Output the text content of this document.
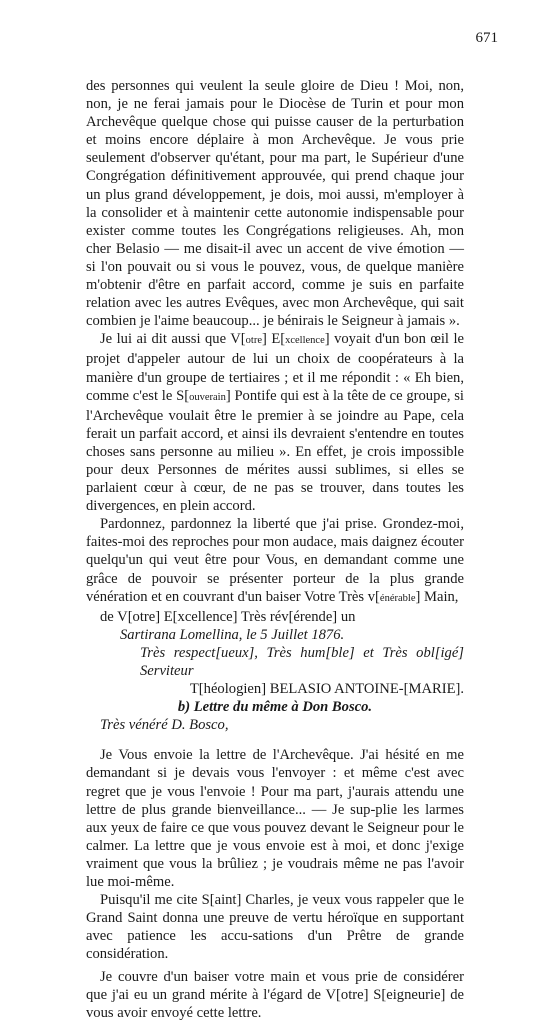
671

des personnes qui veulent la seule gloire de Dieu ! Moi, non, non, je ne ferai jamais pour le Diocèse de Turin et pour mon Archevêque quelque chose qui puisse causer de la perturbation et moins encore déplaire à mon Archevêque. Je vous prie seulement d'observer qu'étant, pour ma part, le Supérieur d'une Congrégation définitivement approuvée, qui prend chaque jour un plus grand développement, je dois, moi aussi, m'employer à la consolider et à maintenir cette autonomie indispensable pour exister comme toutes les Congrégations religieuses. Ah, mon cher Belasio — me disait-il avec un accent de vive émotion — si l'on pouvait ou si vous le pouvez, vous, de quelque manière m'obtenir d'être en parfait accord, comme je suis en parfaite relation avec les autres Evêques, avec mon Archevêque, qui sait combien je l'aime beaucoup... je bénirais le Seigneur à jamais ».

Je lui ai dit aussi que V[otre] E[xcellence] voyait d'un bon œil le projet d'appeler autour de lui un choix de coopérateurs à la manière d'un groupe de tertiaires ; et il me répondit : « Eh bien, comme c'est le S[ouverain] Pontife qui est à la tête de ce groupe, si l'Archevêque voulait être le premier à se joindre au Pape, cela ferait un parfait accord, et ainsi ils devraient s'entendre en toutes choses sans personne au milieu ». En effet, je crois impossible pour deux Personnes de mérites aussi sublimes, si elles se parlaient cœur à cœur, de ne pas se trouver, dans toutes les divergences, en plein accord.

Pardonnez, pardonnez la liberté que j'ai prise. Grondez-moi, faites-moi des reproches pour mon audace, mais daignez écouter quelqu'un qui veut être pour Vous, en demandant comme une grâce de pouvoir se présenter porteur de la plus grande vénération et en couvrant d'un baiser Votre Très v[énérable] Main,

de V[otre] E[xcellence] Très rév[érende] un

Sartirana Lomellina, le 5 Juillet 1876.

Très respect[ueux], Très hum[ble] et Très obl[igé] Serviteur

T[héologien] BELASIO ANTOINE-[MARIE].

b) Lettre du même à Don Bosco.

Très vénéré D. Bosco,

Je Vous envoie la lettre de l'Archevêque. J'ai hésité en me demandant si je devais vous l'envoyer : et même c'est avec regret que je vous l'envoie ! Pour ma part, j'aurais attendu une lettre de plus grande bienveillance... — Je sup-plie les larmes aux yeux de faire ce que vous pouvez devant le Seigneur pour le calmer. La lettre que je vous envoie est à moi, et donc j'exige vraiment que vous la brûliez ; je voudrais même ne pas l'avoir lue moi-même.

Puisqu'il me cite S[aint] Charles, je veux vous rappeler que le Grand Saint donna une preuve de vertu héroïque en supportant avec patience les accu-sations d'un Prêtre de grande considération.

Je couvre d'un baiser votre main et vous prie de considérer que j'ai eu un grand mérite à l'égard de V[otre] S[eigneurie] de vous avoir envoyé cette lettre.
